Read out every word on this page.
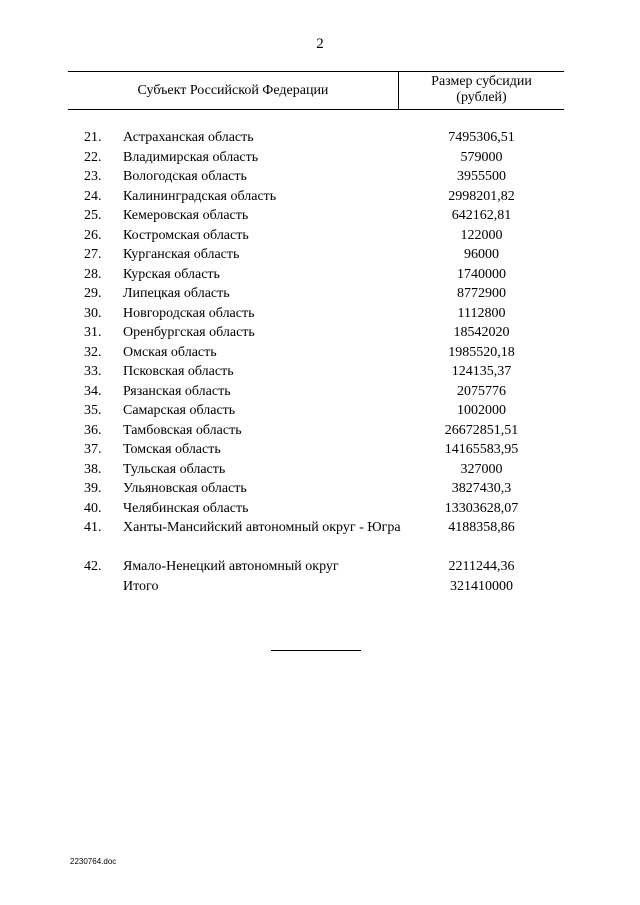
2
Субъект Российской Федерации
Размер субсидии
(рублей)
21. Астраханская область	7495306,51
22. Владимирская область	579000
23. Вологодская область	3955500
24. Калининградская область	2998201,82
25. Кемеровская область	642162,81
26. Костромская область	122000
27. Курганская область	96000
28. Курская область	1740000
29. Липецкая область	8772900
30. Новгородская область	1112800
31. Оренбургская область	18542020
32. Омская область	1985520,18
33. Псковская область	124135,37
34. Рязанская область	2075776
35. Самарская область	1002000
36. Тамбовская область	26672851,51
37. Томская область	14165583,95
38. Тульская область	327000
39. Ульяновская область	3827430,3
40. Челябинская область	13303628,07
41. Ханты-Мансийский автономный округ - Югра	4188358,86
42. Ямало-Ненецкий автономный округ	2211244,36
Итого	321410000
2230764.doc
